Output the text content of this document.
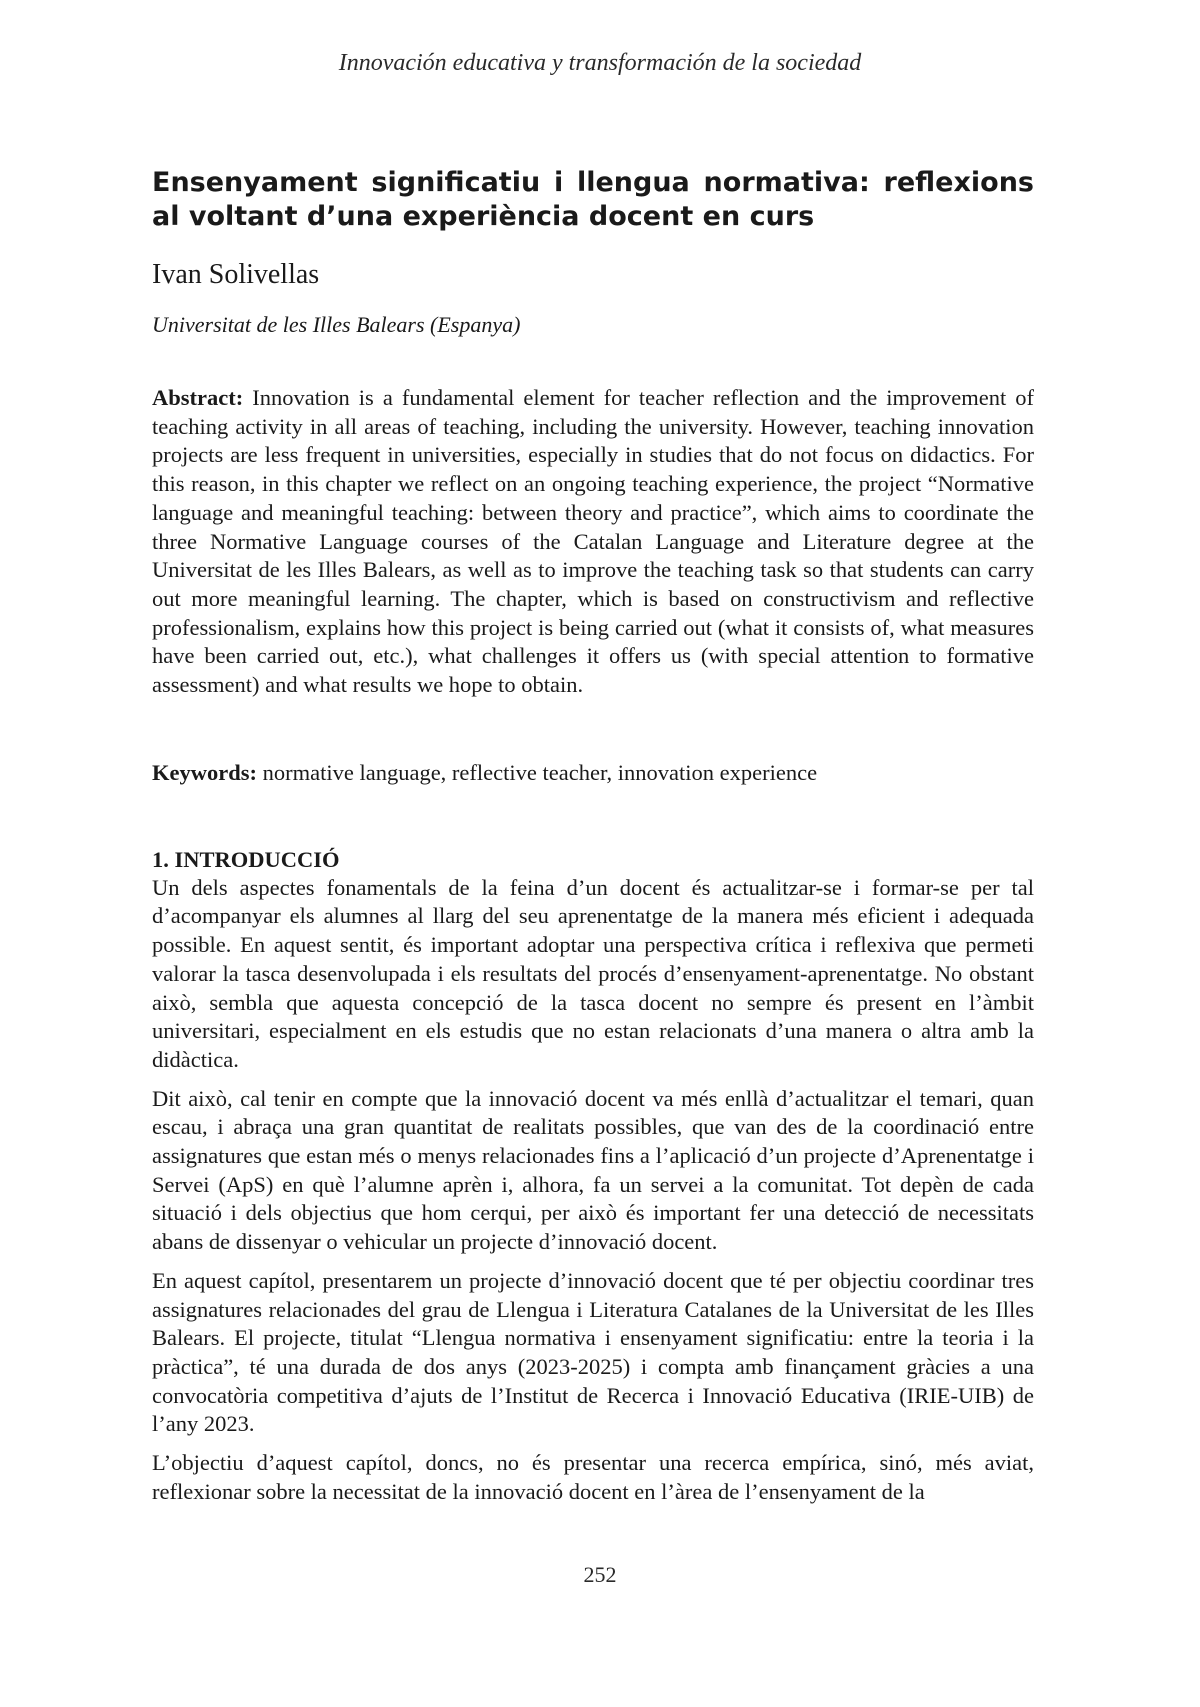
Innovación educativa y transformación de la sociedad
Ensenyament significatiu i llengua normativa: reflexions al voltant d’una experiència docent en curs
Ivan Solivellas
Universitat de les Illes Balears (Espanya)

Abstract: Innovation is a fundamental element for teacher reflection and the improvement of teaching activity in all areas of teaching, including the university. However, teaching innovation projects are less frequent in universities, especially in studies that do not focus on didactics. For this reason, in this chapter we reflect on an ongoing teaching experience, the project “Normative language and meaningful teaching: between theory and practice”, which aims to coordinate the three Normative Language courses of the Catalan Language and Literature degree at the Universitat de les Illes Balears, as well as to improve the teaching task so that students can carry out more meaningful learning. The chapter, which is based on constructivism and reflective professionalism, explains how this project is being carried out (what it consists of, what measures have been carried out, etc.), what challenges it offers us (with special attention to formative assessment) and what results we hope to obtain.

Keywords: normative language, reflective teacher, innovation experience

1. INTRODUCCIÓ

Un dels aspectes fonamentals de la feina d’un docent és actualitzar-se i formar-se per tal d’acompanyar els alumnes al llarg del seu aprenentatge de la manera més eficient i adequada possible. En aquest sentit, és important adoptar una perspectiva crítica i reflexiva que permeti valorar la tasca desenvolupada i els resultats del procés d’ensenyament-aprenentatge. No obstant això, sembla que aquesta concepció de la tasca docent no sempre és present en l’àmbit universitari, especialment en els estudis que no estan relacionats d’una manera o altra amb la didàctica.

Dit això, cal tenir en compte que la innovació docent va més enllà d’actualitzar el temari, quan escau, i abraça una gran quantitat de realitats possibles, que van des de la coordinació entre assignatures que estan més o menys relacionades fins a l’aplicació d’un projecte d’Aprenentatge i Servei (ApS) en què l’alumne aprèn i, alhora, fa un servei a la comunitat. Tot depèn de cada situació i dels objectius que hom cerqui, per això és important fer una detecció de necessitats abans de dissenyar o vehicular un projecte d’innovació docent.

En aquest capítol, presentarem un projecte d’innovació docent que té per objectiu coordinar tres assignatures relacionades del grau de Llengua i Literatura Catalanes de la Universitat de les Illes Balears. El projecte, titulat “Llengua normativa i ensenyament significatiu: entre la teoria i la pràctica”, té una durada de dos anys (2023-2025) i compta amb finançament gràcies a una convocatòria competitiva d’ajuts de l’Institut de Recerca i Innovació Educativa (IRIE-UIB) de l’any 2023.

L’objectiu d’aquest capítol, doncs, no és presentar una recerca empírica, sinó, més aviat, reflexionar sobre la necessitat de la innovació docent en l’àrea de l’ensenyament de la

252
